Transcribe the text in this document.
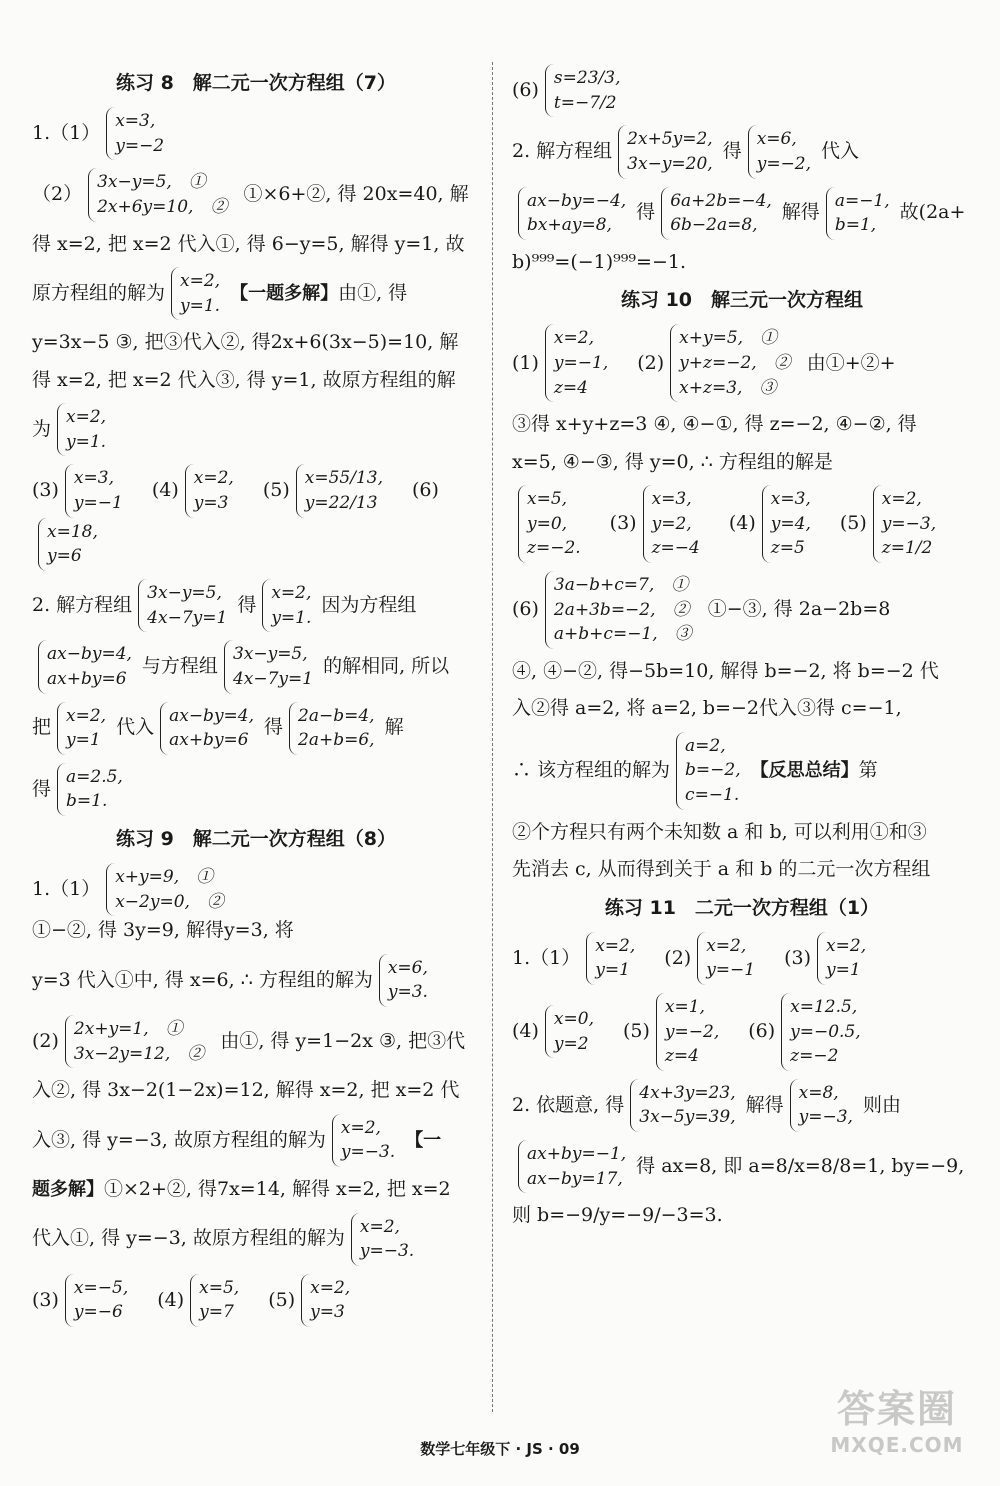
练习 8　解二元一次方程组（7）
1.（1）
x=3,
y=−2
（2）
3x−y=5,　①
2x+6y=10,　②
①×6+②, 得 20x=40, 解
得 x=2, 把 x=2 代入①, 得 6−y=5, 解得 y=1, 故
原方程组的解为
x=2,
y=1.
【一题多解】 由①, 得
y=3x−5 ③, 把③代入②, 得2x+6(3x−5)=10, 解
得 x=2, 把 x=2 代入③, 得 y=1, 故原方程组的解
为
x=2,
y=1.
(3)
x=3,
y=−1
　(4)
x=2,
y=3
　(5)
x=55/13,
y=22/13
　(6)
x=18,
y=6
2. 解方程组
3x−y=5,
4x−7y=1
得
x=2,
y=1.
因为方程组
ax−by=4,
ax+by=6
与方程组
3x−y=5,
4x−7y=1
的解相同, 所以
把
x=2,
y=1
代入
ax−by=4,
ax+by=6
得
2a−b=4,
2a+b=6,
解
得
a=2.5,
b=1.
练习 9　解二元一次方程组（8）
1.（1）
x+y=9,　①
x−2y=0,　②
①−②, 得 3y=9, 解得y=3, 将
y=3 代入①中, 得 x=6, ∴ 方程组的解为
x=6,
y=3.
(2)
2x+y=1,　①
3x−2y=12,　②
由①, 得 y=1−2x ③, 把③代
入②, 得 3x−2(1−2x)=12, 解得 x=2, 把 x=2 代
入③, 得 y=−3, 故原方程组的解为
x=2,
y=−3.
【一
题多解】 ①×2+②, 得7x=14, 解得 x=2, 把 x=2
代入①, 得 y=−3, 故原方程组的解为
x=2,
y=−3.
(3)
x=−5,
y=−6
　(4)
x=5,
y=7
　(5)
x=2,
y=3
(6)
s=23/3,
t=−7/2
2. 解方程组
2x+5y=2,
3x−y=20,
得
x=6,
y=−2,
代入
ax−by=−4,
bx+ay=8,
得
6a+2b=−4,
6b−2a=8,
解得
a=−1,
b=1,
故(2a+
b)⁹⁹⁹=(−1)⁹⁹⁹=−1.
练习 10　解三元一次方程组
(1)
x=2,
y=−1,
z=4
　(2)
x+y=5,　①
y+z=−2,　②
x+z=3,　③
由①+②+
③得 x+y+z=3 ④, ④−①, 得 z=−2, ④−②, 得
x=5, ④−③, 得 y=0, ∴ 方程组的解是
x=5,
y=0,
z=−2.
　(3)
x=3,
y=2,
z=−4
　(4)
x=3,
y=4,
z=5
　(5)
x=2,
y=−3,
z=1/2
(6)
3a−b+c=7,　①
2a+3b=−2,　②
a+b+c=−1,　③
①−③, 得 2a−2b=8
④, ④−②, 得−5b=10, 解得 b=−2, 将 b=−2 代
入②得 a=2, 将 a=2, b=−2代入③得 c=−1,
∴ 该方程组的解为
a=2,
b=−2,
c=−1.
【反思总结】 第
②个方程只有两个未知数 a 和 b, 可以利用①和③
先消去 c, 从而得到关于 a 和 b 的二元一次方程组
练习 11　二元一次方程组（1）
1.（1）
x=2,
y=1
　(2)
x=2,
y=−1
　(3)
x=2,
y=1
(4)
x=0,
y=2
　(5)
x=1,
y=−2,
z=4
　(6)
x=12.5,
y=−0.5,
z=−2
2. 依题意, 得
4x+3y=23,
3x−5y=39,
解得
x=8,
y=−3,
则由
ax+by=−1,
ax−by=17,
得 ax=8, 即 a=8/x=8/8=1, by=−9,
则 b=−9/y=−9/−3=3.
数学七年级下 · JS · 09
答案圈
MXQE.COM
